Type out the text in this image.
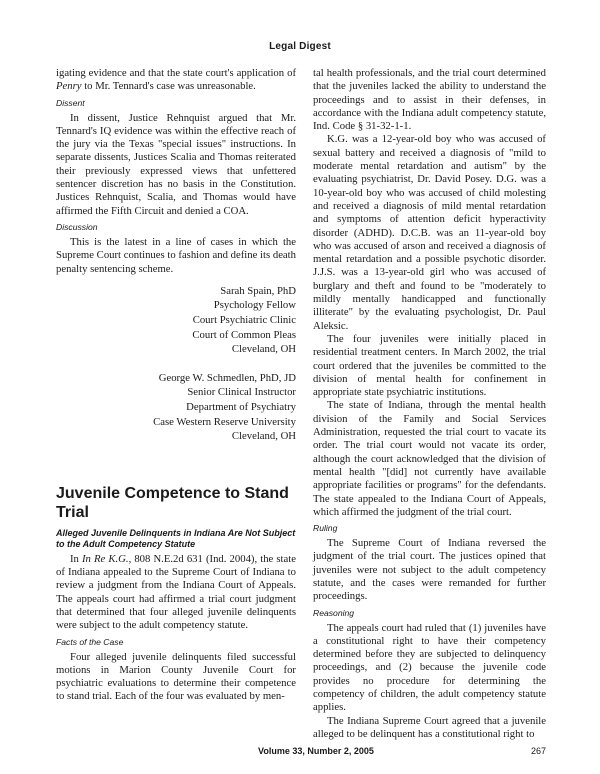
Legal Digest

igating evidence and that the state court's application of Penry to Mr. Tennard's case was unreasonable.

Dissent

In dissent, Justice Rehnquist argued that Mr. Tennard's IQ evidence was within the effective reach of the jury via the Texas "special issues" instructions. In separate dissents, Justices Scalia and Thomas reiterated their previously expressed views that unfettered sentencer discretion has no basis in the Constitution. Justices Rehnquist, Scalia, and Thomas would have affirmed the Fifth Circuit and denied a COA.

Discussion

This is the latest in a line of cases in which the Supreme Court continues to fashion and define its death penalty sentencing scheme.

Sarah Spain, PhD
Psychology Fellow
Court Psychiatric Clinic
Court of Common Pleas
Cleveland, OH
George W. Schmedlen, PhD, JD
Senior Clinical Instructor
Department of Psychiatry
Case Western Reserve University
Cleveland, OH
Juvenile Competence to Stand Trial
Alleged Juvenile Delinquents in Indiana Are Not Subject to the Adult Competency Statute

In In Re K.G., 808 N.E.2d 631 (Ind. 2004), the state of Indiana appealed to the Supreme Court of Indiana to review a judgment from the Indiana Court of Appeals. The appeals court had affirmed a trial court judgment that determined that four alleged juvenile delinquents were subject to the adult competency statute.

Facts of the Case

Four alleged juvenile delinquents filed successful motions in Marion County Juvenile Court for psychiatric evaluations to determine their competence to stand trial. Each of the four was evaluated by men-

tal health professionals, and the trial court determined that the juveniles lacked the ability to understand the proceedings and to assist in their defenses, in accordance with the Indiana adult competency statute, Ind. Code § 31-32-1-1.

K.G. was a 12-year-old boy who was accused of sexual battery and received a diagnosis of "mild to moderate mental retardation and autism" by the evaluating psychiatrist, Dr. David Posey. D.G. was a 10-year-old boy who was accused of child molesting and received a diagnosis of mild mental retardation and symptoms of attention deficit hyperactivity disorder (ADHD). D.C.B. was an 11-year-old boy who was accused of arson and received a diagnosis of mental retardation and a possible psychotic disorder. J.J.S. was a 13-year-old girl who was accused of burglary and theft and found to be "moderately to mildly mentally handicapped and functionally illiterate" by the evaluating psychologist, Dr. Paul Aleksic.

The four juveniles were initially placed in residential treatment centers. In March 2002, the trial court ordered that the juveniles be committed to the division of mental health for confinement in appropriate state psychiatric institutions.

The state of Indiana, through the mental health division of the Family and Social Services Administration, requested the trial court to vacate its order. The trial court would not vacate its order, although the court acknowledged that the division of mental health "[did] not currently have available appropriate facilities or programs" for the defendants. The state appealed to the Indiana Court of Appeals, which affirmed the judgment of the trial court.

Ruling

The Supreme Court of Indiana reversed the judgment of the trial court. The justices opined that juveniles were not subject to the adult competency statute, and the cases were remanded for further proceedings.

Reasoning

The appeals court had ruled that (1) juveniles have a constitutional right to have their competency determined before they are subjected to delinquency proceedings, and (2) because the juvenile code provides no procedure for determining the competency of children, the adult competency statute applies.

The Indiana Supreme Court agreed that a juvenile alleged to be delinquent has a constitutional right to

Volume 33, Number 2, 2005	267
